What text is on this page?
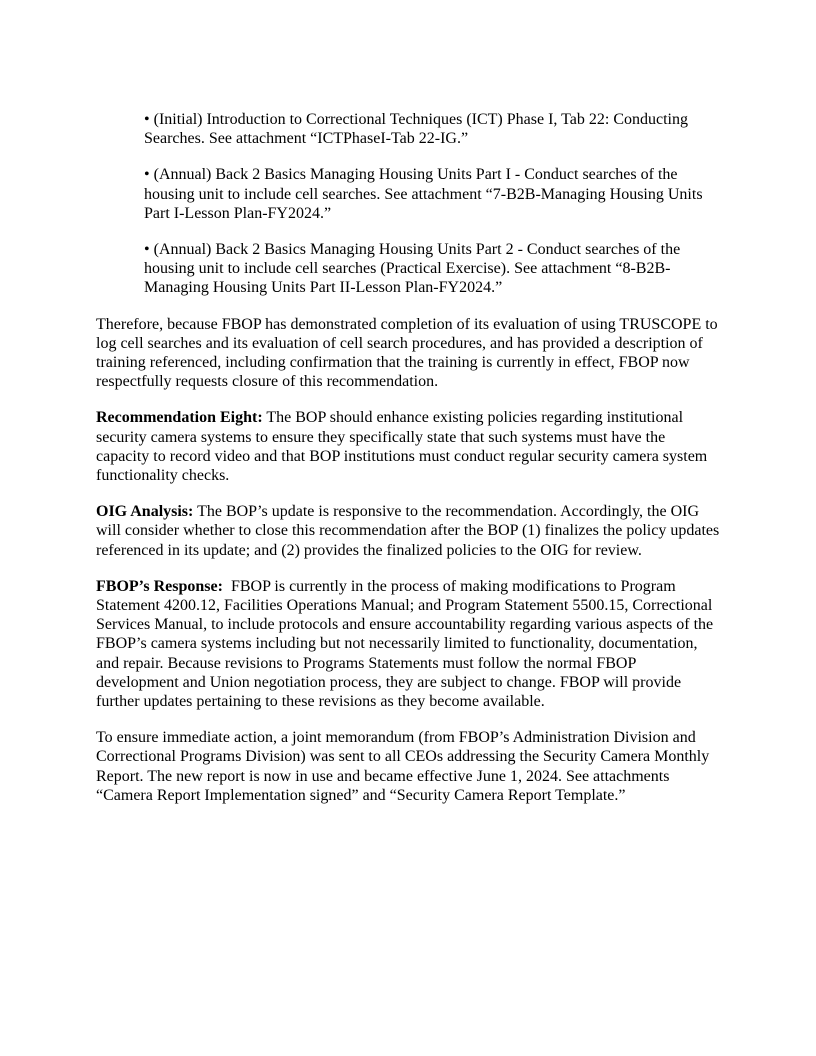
• (Initial) Introduction to Correctional Techniques (ICT) Phase I, Tab 22: Conducting Searches. See attachment “ICTPhaseI-Tab 22-IG.”

• (Annual) Back 2 Basics Managing Housing Units Part I - Conduct searches of the housing unit to include cell searches. See attachment “7-B2B-Managing Housing Units Part I-Lesson Plan-FY2024.”

• (Annual) Back 2 Basics Managing Housing Units Part 2 - Conduct searches of the housing unit to include cell searches (Practical Exercise). See attachment “8-B2B-Managing Housing Units Part II-Lesson Plan-FY2024.”

Therefore, because FBOP has demonstrated completion of its evaluation of using TRUSCOPE to log cell searches and its evaluation of cell search procedures, and has provided a description of training referenced, including confirmation that the training is currently in effect, FBOP now respectfully requests closure of this recommendation.

Recommendation Eight: The BOP should enhance existing policies regarding institutional security camera systems to ensure they specifically state that such systems must have the capacity to record video and that BOP institutions must conduct regular security camera system functionality checks.

OIG Analysis: The BOP’s update is responsive to the recommendation. Accordingly, the OIG will consider whether to close this recommendation after the BOP (1) finalizes the policy updates referenced in its update; and (2) provides the finalized policies to the OIG for review.

FBOP’s Response:  FBOP is currently in the process of making modifications to Program Statement 4200.12, Facilities Operations Manual; and Program Statement 5500.15, Correctional Services Manual, to include protocols and ensure accountability regarding various aspects of the FBOP’s camera systems including but not necessarily limited to functionality, documentation, and repair. Because revisions to Programs Statements must follow the normal FBOP development and Union negotiation process, they are subject to change. FBOP will provide further updates pertaining to these revisions as they become available.

To ensure immediate action, a joint memorandum (from FBOP’s Administration Division and Correctional Programs Division) was sent to all CEOs addressing the Security Camera Monthly Report. The new report is now in use and became effective June 1, 2024. See attachments “Camera Report Implementation signed” and “Security Camera Report Template.”
